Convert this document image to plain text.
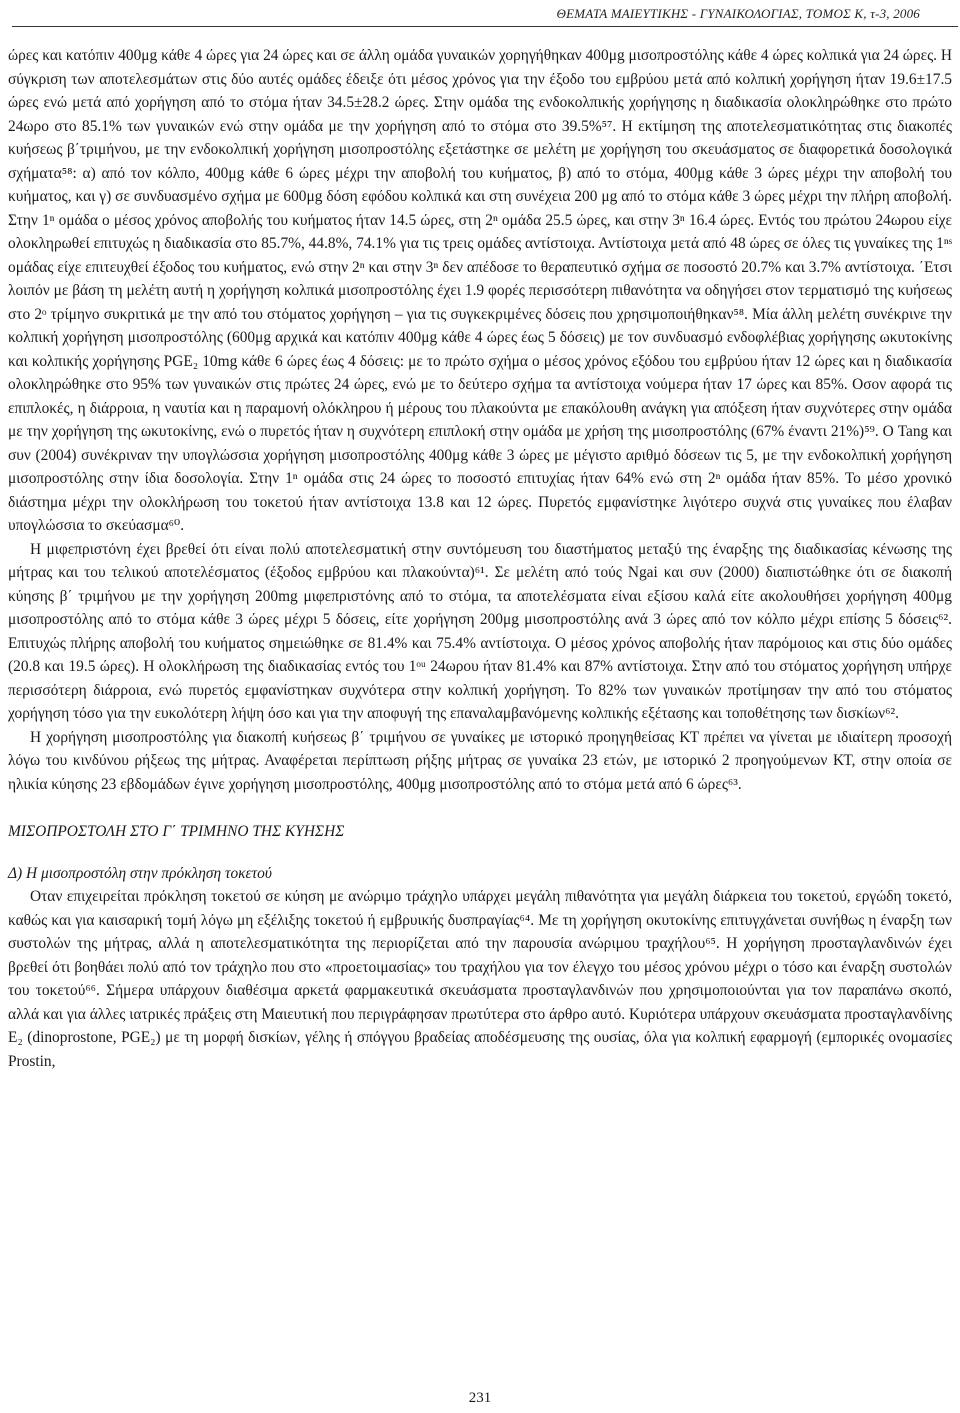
ΘΕΜΑΤΑ ΜΑΙΕΥΤΙΚΗΣ - ΓΥΝΑΙΚΟΛΟΓΙΑΣ, ΤΟΜΟΣ Κ, τ-3, 2006

ώρες και κατόπιν 400μg κάθε 4 ώρες για 24 ώρες και σε άλλη ομάδα γυναικών χορηγήθηκαν 400μg μισοπροστόλης κάθε 4 ώρες κολπικά για 24 ώρες. Η σύγκριση των αποτελεσμάτων στις δύο αυτές ομάδες έδειξε ότι μέσος χρόνος για την έξοδο του εμβρύου μετά από κολπική χορήγηση ήταν 19.6±17.5 ώρες ενώ μετά από χορήγηση από το στόμα ήταν 34.5±28.2 ώρες. Στην ομάδα της ενδοκολπικής χορήγησης η διαδικασία ολοκληρώθηκε στο πρώτο 24ωρο στο 85.1% των γυναικών ενώ στην ομάδα με την χορήγηση από το στόμα στο 39.5%⁵⁷. Η εκτίμηση της αποτελεσματικότητας στις διακοπές κυήσεως β΄τριμήνου, με την ενδοκολπική χορήγηση μισοπροστόλης εξετάστηκε σε μελέτη με χορήγηση του σκευάσματος σε διαφορετικά δοσολογικά σχήματα⁵⁸: α) από τον κόλπο, 400μg κάθε 6 ώρες μέχρι την αποβολή του κυήματος, β) από το στόμα, 400μg κάθε 3 ώρες μέχρι την αποβολή του κυήματος, και γ) σε συνδυασμένο σχήμα με 600μg δόση εφόδου κολπικά και στη συνέχεια 200 μg από το στόμα κάθε 3 ώρες μέχρι την πλήρη αποβολή. Στην 1ⁿ ομάδα ο μέσος χρόνος αποβολής του κυήματος ήταν 14.5 ώρες, στη 2ⁿ ομάδα 25.5 ώρες, και στην 3ⁿ 16.4 ώρες. Εντός του πρώτου 24ωρου είχε ολοκληρωθεί επιτυχώς η διαδικασία στο 85.7%, 44.8%, 74.1% για τις τρεις ομάδες αντίστοιχα. Αντίστοιχα μετά από 48 ώρες σε όλες τις γυναίκες της 1ⁿˢ ομάδας είχε επιτευχθεί έξοδος του κυήματος, ενώ στην 2ⁿ και στην 3ⁿ δεν απέδοσε το θεραπευτικό σχήμα σε ποσοστό 20.7% και 3.7% αντίστοιχα. ΄Ετσι λοιπόν με βάση τη μελέτη αυτή η χορήγηση κολπικά μισοπροστόλης έχει 1.9 φορές περισσότερη πιθανότητα να οδηγήσει στον τερματισμό της κυήσεως στο 2ᵒ τρίμηνο συκριτικά με την από του στόματος χορήγηση – για τις συγκεκριμένες δόσεις που χρησιμοποιήθηκαν⁵⁸. Μία άλλη μελέτη συνέκρινε την κολπική χορήγηση μισοπροστόλης (600μg αρχικά και κατόπιν 400μg κάθε 4 ώρες έως 5 δόσεις) με τον συνδυασμό ενδοφλέβιας χορήγησης ωκυτοκίνης και κολπικής χορήγησης PGE₂ 10mg κάθε 6 ώρες έως 4 δόσεις: με το πρώτο σχήμα ο μέσος χρόνος εξόδου του εμβρύου ήταν 12 ώρες και η διαδικασία ολοκληρώθηκε στο 95% των γυναικών στις πρώτες 24 ώρες, ενώ με το δεύτερο σχήμα τα αντίστοιχα νούμερα ήταν 17 ώρες και 85%. Οσον αφορά τις επιπλοκές, η διάρροια, η ναυτία και η παραμονή ολόκληρου ή μέρους του πλακούντα με επακόλουθη ανάγκη για απόξεση ήταν συχνότερες στην ομάδα με την χορήγηση της ωκυτοκίνης, ενώ ο πυρετός ήταν η συχνότερη επιπλοκή στην ομάδα με χρήση της μισοπροστόλης (67% έναντι 21%)⁵⁹. Ο Tang και συν (2004) συνέκριναν την υπογλώσσια χορήγηση μισοπροστόλης 400μg κάθε 3 ώρες με μέγιστο αριθμό δόσεων τις 5, με την ενδοκολπική χορήγηση μισοπροστόλης στην ίδια δοσολογία. Στην 1ⁿ ομάδα στις 24 ώρες το ποσοστό επιτυχίας ήταν 64% ενώ στη 2ⁿ ομάδα ήταν 85%. Το μέσο χρονικό διάστημα μέχρι την ολοκλήρωση του τοκετού ήταν αντίστοιχα 13.8 και 12 ώρες. Πυρετός εμφανίστηκε λιγότερο συχνά στις γυναίκες που έλαβαν υπογλώσσια το σκεύασμα⁶⁰.

Η μιφεπριστόνη έχει βρεθεί ότι είναι πολύ αποτελεσματική στην συντόμευση του διαστήματος μεταξύ της έναρξης της διαδικασίας κένωσης της μήτρας και του τελικού αποτελέσματος (έξοδος εμβρύου και πλακούντα)⁶¹. Σε μελέτη από τούς Ngai και συν (2000) διαπιστώθηκε ότι σε διακοπή κύησης β΄ τριμήνου με την χορήγηση 200mg μιφεπριστόνης από το στόμα, τα αποτελέσματα είναι εξίσου καλά είτε ακολουθήσει χορήγηση 400μg μισοπροστόλης από το στόμα κάθε 3 ώρες μέχρι 5 δόσεις, είτε χορήγηση 200μg μισοπροστόλης ανά 3 ώρες από τον κόλπο μέχρι επίσης 5 δόσεις⁶². Επιτυχώς πλήρης αποβολή του κυήματος σημειώθηκε σε 81.4% και 75.4% αντίστοιχα. Ο μέσος χρόνος αποβολής ήταν παρόμοιος και στις δύο ομάδες (20.8 και 19.5 ώρες). Η ολοκλήρωση της διαδικασίας εντός του 1ᵒᵘ 24ωρου ήταν 81.4% και 87% αντίστοιχα. Στην από του στόματος χορήγηση υπήρχε περισσότερη διάρροια, ενώ πυρετός εμφανίστηκαν συχνότερα στην κολπική χορήγηση. Το 82% των γυναικών προτίμησαν την από του στόματος χορήγηση τόσο για την ευκολότερη λήψη όσο και για την αποφυγή της επαναλαμβανόμενης κολπικής εξέτασης και τοποθέτησης των δισκίων⁶².

Η χορήγηση μισοπροστόλης για διακοπή κυήσεως β΄ τριμήνου σε γυναίκες με ιστορικό προηγηθείσας ΚΤ πρέπει να γίνεται με ιδιαίτερη προσοχή λόγω του κινδύνου ρήξεως της μήτρας. Αναφέρεται περίπτωση ρήξης μήτρας σε γυναίκα 23 ετών, με ιστορικό 2 προηγούμενων ΚΤ, στην οποία σε ηλικία κύησης 23 εβδομάδων έγινε χορήγηση μισοπροστόλης, 400μg μισοπροστόλης από το στόμα μετά από 6 ώρες⁶³.

ΜΙΣΟΠΡΟΣΤΟΛΗ ΣΤΟ Γ΄ ΤΡΙΜΗΝΟ ΤΗΣ ΚΥΗΣΗΣ

Δ) Η μισοπροστόλη στην πρόκληση τοκετού

Οταν επιχειρείται πρόκληση τοκετού σε κύηση με ανώριμο τράχηλο υπάρχει μεγάλη πιθανότητα για μεγάλη διάρκεια του τοκετού, εργώδη τοκετό, καθώς και για καισαρική τομή λόγω μη εξέλιξης τοκετού ή εμβρυικής δυσπραγίας⁶⁴. Με τη χορήγηση οκυτοκίνης επιτυγχάνεται συνήθως η έναρξη των συστολών της μήτρας, αλλά η αποτελεσματικότητα της περιορίζεται από την παρουσία ανώριμου τραχήλου⁶⁵. Η χορήγηση προσταγλανδινών έχει βρεθεί ότι βοηθάει πολύ από τον τράχηλο που στο «προετοιμασίας» του τραχήλου για τον έλεγχο του μέσος χρόνου μέχρι ο τόσο και έναρξη συστολών του τοκετού⁶⁶. Σήμερα υπάρχουν διαθέσιμα αρκετά φαρμακευτικά σκευάσματα προσταγλανδινών που χρησιμοποιούνται για τον παραπάνω σκοπό, αλλά και για άλλες ιατρικές πράξεις στη Μαιευτική που περιγράφησαν πρωτύτερα στο άρθρο αυτό. Κυριότερα υπάρχουν σκευάσματα προσταγλανδίνης E₂ (dinoprostone, PGE₂) με τη μορφή δισκίων, γέλης ή σπόγγου βραδείας αποδέσμευσης της ουσίας, όλα για κολπική εφαρμογή (εμπορικές ονομασίες Prostin,

231
